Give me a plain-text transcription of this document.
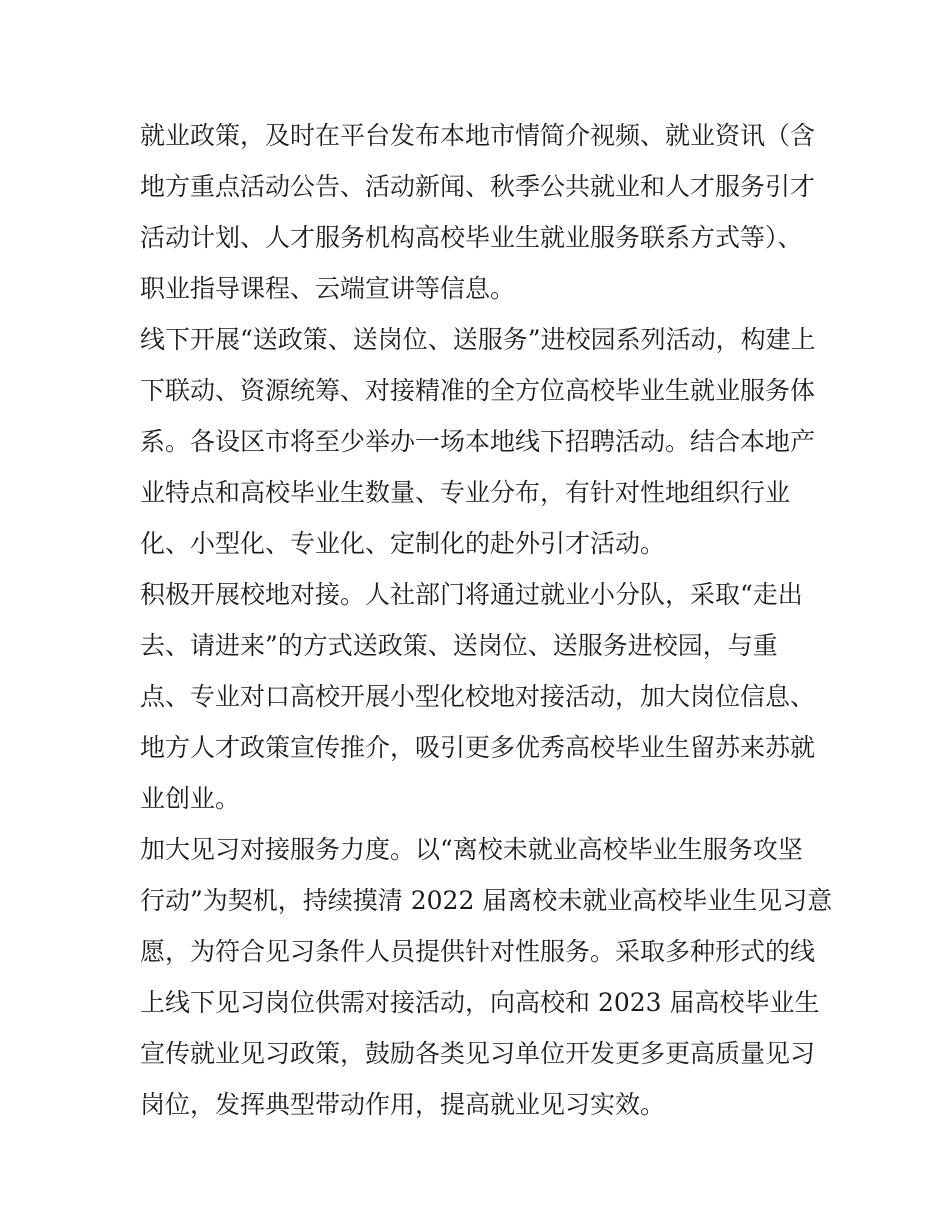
就业政策，及时在平台发布本地市情简介视频、就业资讯（含
地方重点活动公告、活动新闻、秋季公共就业和人才服务引才
活动计划、人才服务机构高校毕业生就业服务联系方式等）、
职业指导课程、云端宣讲等信息。
线下开展“送政策、送岗位、送服务”进校园系列活动，构建上
下联动、资源统筹、对接精准的全方位高校毕业生就业服务体
系。各设区市将至少举办一场本地线下招聘活动。结合本地产
业特点和高校毕业生数量、专业分布，有针对性地组织行业
化、小型化、专业化、定制化的赴外引才活动。
积极开展校地对接。人社部门将通过就业小分队，采取“走出
去、请进来”的方式送政策、送岗位、送服务进校园，与重
点、专业对口高校开展小型化校地对接活动，加大岗位信息、
地方人才政策宣传推介，吸引更多优秀高校毕业生留苏来苏就
业创业。
加大见习对接服务力度。以“离校未就业高校毕业生服务攻坚
行动”为契机，持续摸清 2022 届离校未就业高校毕业生见习意
愿，为符合见习条件人员提供针对性服务。采取多种形式的线
上线下见习岗位供需对接活动，向高校和 2023 届高校毕业生
宣传就业见习政策，鼓励各类见习单位开发更多更高质量见习
岗位，发挥典型带动作用，提高就业见习实效。
